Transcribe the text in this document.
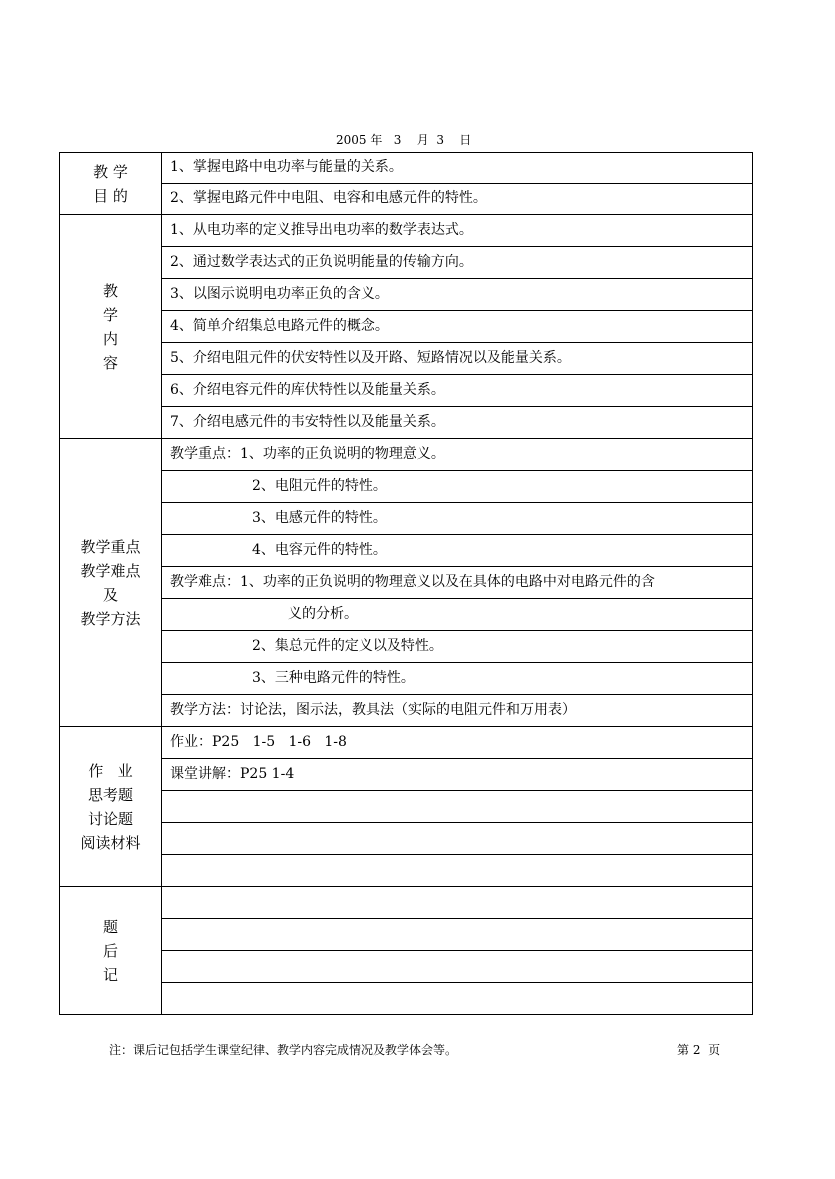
2005 年   3    月  3    日
教 学
目 的	1、掌握电路中电功率与能量的关系。
	2、掌握电路元件中电阻、电容和电感元件的特性。

教
学
内
容	1、从电功率的定义推导出电功率的数学表达式。
	2、通过数学表达式的正负说明能量的传输方向。
	3、以图示说明电功率正负的含义。
	4、简单介绍集总电路元件的概念。
	5、介绍电阻元件的伏安特性以及开路、短路情况以及能量关系。
	6、介绍电容元件的库伏特性以及能量关系。
	7、介绍电感元件的韦安特性以及能量关系。

教学重点
教学难点
及
教学方法	教学重点：1、功率的正负说明的物理意义。
	2、电阻元件的特性。
	3、电感元件的特性。
	4、电容元件的特性。
	教学难点：1、功率的正负说明的物理意义以及在具体的电路中对电路元件的含
	义的分析。
	2、集总元件的定义以及特性。
	3、三种电路元件的特性。
	教学方法：讨论法，图示法，教具法（实际的电阻元件和万用表）

作   业
思考题
讨论题
阅读材料	作业：P25   1-5   1-6   1-8
	课堂讲解：P25 1-4

题
后
记	

注：课后记包括学生课堂纪律、教学内容完成情况及教学体会等。	第 2  页
